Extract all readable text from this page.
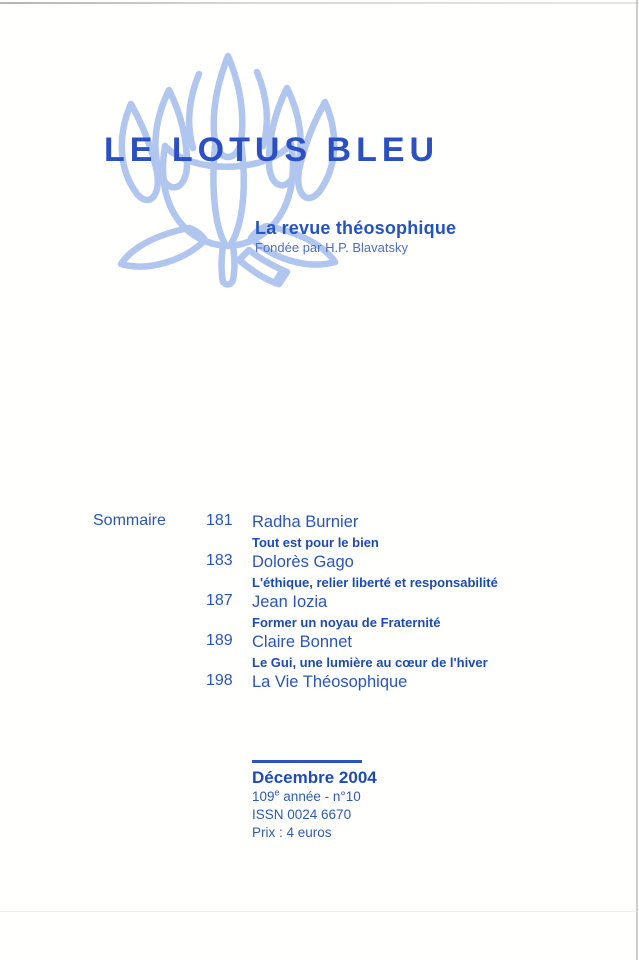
LE LOTUS BLEU
La revue théosophique
Fondée par H.P. Blavatsky
Sommaire	181 Radha Burnier
Tout est pour le bien
183 Dolorès Gago
L'éthique, relier liberté et responsabilité
187 Jean Iozia
Former un noyau de Fraternité
189 Claire Bonnet
Le Gui, une lumière au cœur de l'hiver
198 La Vie Théosophique
Décembre 2004
109e année - n°10
ISSN 0024 6670
Prix : 4 euros
